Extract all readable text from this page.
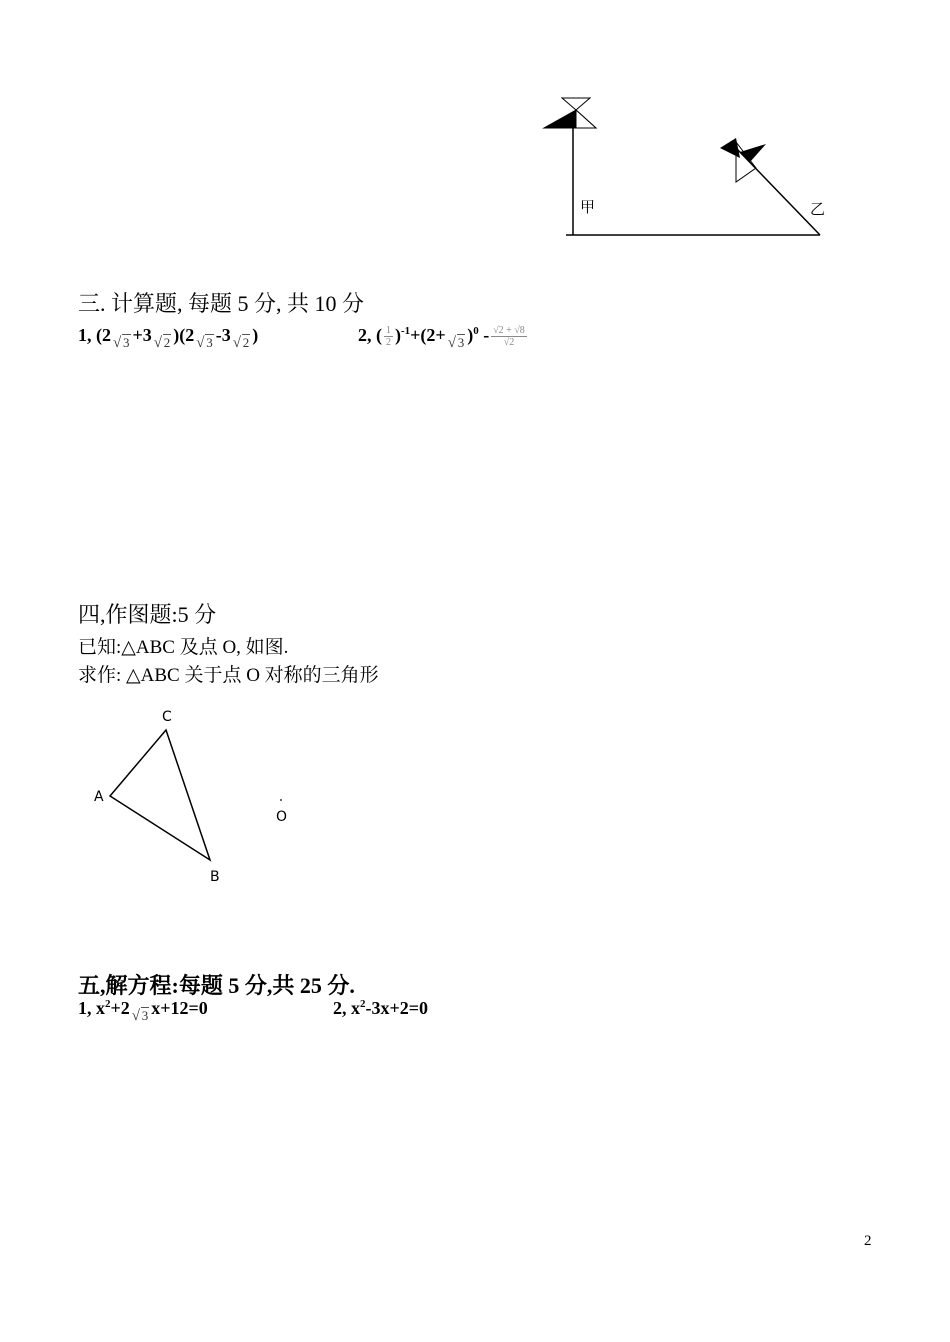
甲	乙
三. 计算题, 每题 5 分, 共 10 分
1, (2 √ 3 +3 √ 2 )(2 √ 3 -3 √ 2 )	2, ( $\frac{1}{2} )^{-1}+(2+$ √ 3 )$^0 - \frac{√2 + √8}{√2}$
四,作图题:5 分
已知:△ABC 及点 O, 如图.
求作: △ABC 关于点 O 对称的三角形
A
C
B
O
五,解方程:每题 5 分,共 25 分.
1, $x^2+2$ √ 3 x+12=0	2, $x^2-3x+2=0$
2
